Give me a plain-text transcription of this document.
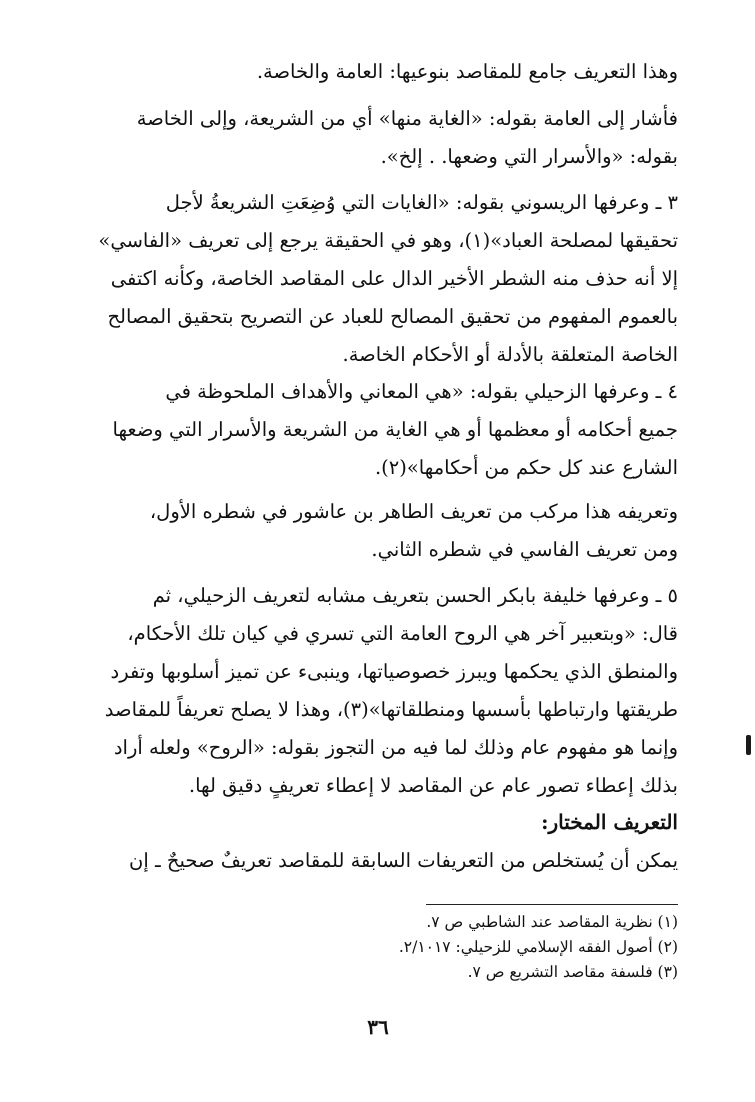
وهذا التعريف جامع للمقاصد بنوعيها: العامة والخاصة.

فأشار إلى العامة بقوله: «الغاية منها» أي من الشريعة، وإلى الخاصة
بقوله: «والأسرار التي وضعها. . إلخ».

٣ ـ وعرفها الريسوني بقوله: «الغايات التي وُضِعَتِ الشريعةُ لأجل
تحقيقها لمصلحة العباد»(١)، وهو في الحقيقة يرجع إلى تعريف «الفاسي»
إلا أنه حذف منه الشطر الأخير الدال على المقاصد الخاصة، وكأنه اكتفى
بالعموم المفهوم من تحقيق المصالح للعباد عن التصريح بتحقيق المصالح
الخاصة المتعلقة بالأدلة أو الأحكام الخاصة.

٤ ـ وعرفها الزحيلي بقوله: «هي المعاني والأهداف الملحوظة في
جميع أحكامه أو معظمها أو هي الغاية من الشريعة والأسرار التي وضعها
الشارع عند كل حكم من أحكامها»(٢).

وتعريفه هذا مركب من تعريف الطاهر بن عاشور في شطره الأول،
ومن تعريف الفاسي في شطره الثاني.

٥ ـ وعرفها خليفة بابكر الحسن بتعريف مشابه لتعريف الزحيلي، ثم
قال: «وبتعبير آخر هي الروح العامة التي تسري في كيان تلك الأحكام،
والمنطق الذي يحكمها ويبرز خصوصياتها، وينبىء عن تميز أسلوبها وتفرد
طريقتها وارتباطها بأسسها ومنطلقاتها»(٣)، وهذا لا يصلح تعريفاً للمقاصد
وإنما هو مفهوم عام وذلك لما فيه من التجوز بقوله: «الروح» ولعله أراد
بذلك إعطاء تصور عام عن المقاصد لا إعطاء تعريفٍ دقيق لها.

التعريف المختار:

يمكن أن يُستخلص من التعريفات السابقة للمقاصد تعريفٌ صحيحٌ ـ إن

(١) نظرية المقاصد عند الشاطبي ص ٧.
(٢) أصول الفقه الإسلامي للزحيلي: ٢/١٠١٧.
(٣) فلسفة مقاصد التشريع ص ٧.
٣٦
